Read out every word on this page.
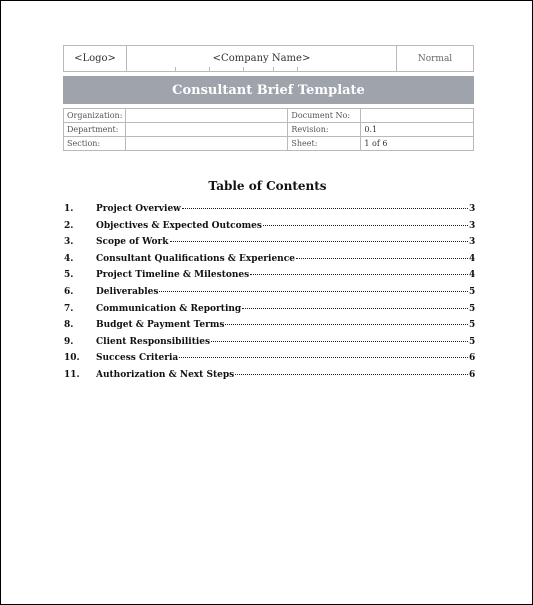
<Logo>	<Company Name>	Normal
Consultant Brief Template
Organization:		Document No:	
Department:		Revision:	0.1
Section:		Sheet:	1 of 6
Table of Contents
1.	Project Overview	3
2.	Objectives & Expected Outcomes	3
3.	Scope of Work	3
4.	Consultant Qualifications & Experience	4
5.	Project Timeline & Milestones	4
6.	Deliverables	5
7.	Communication & Reporting	5
8.	Budget & Payment Terms	5
9.	Client Responsibilities	5
10.	Success Criteria	6
11.	Authorization & Next Steps	6
